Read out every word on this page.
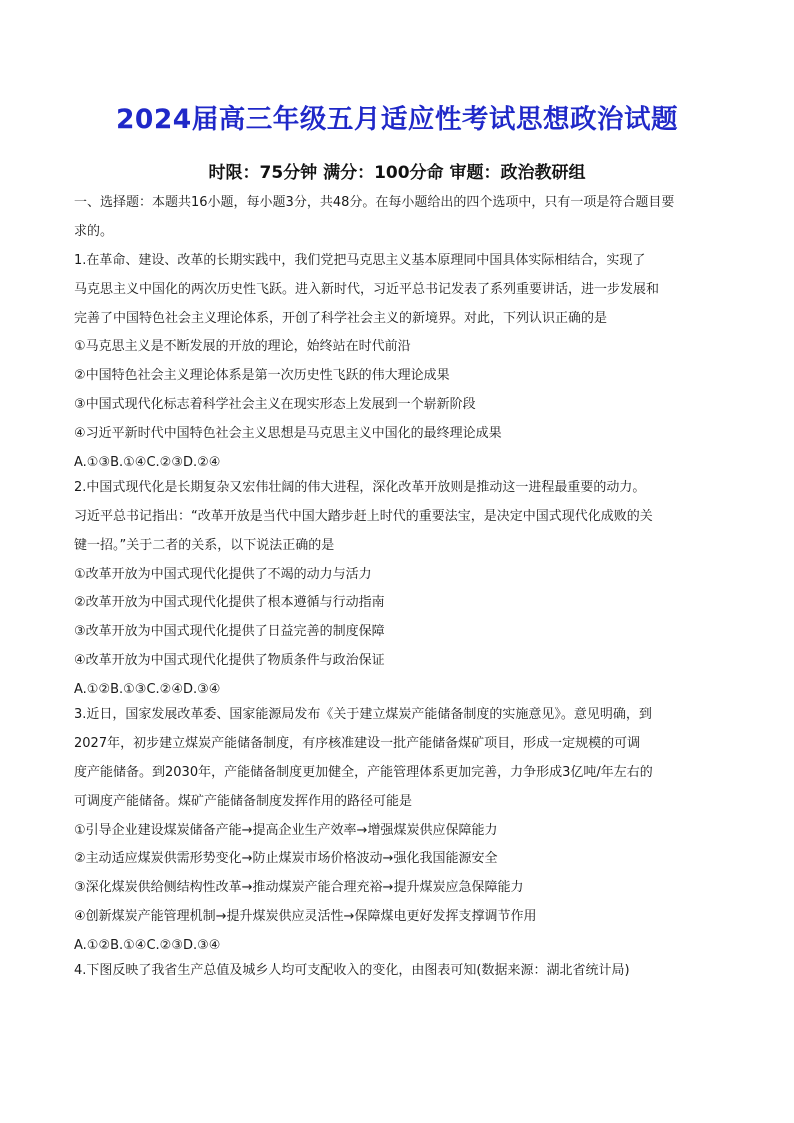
2024届高三年级五月适应性考试思想政治试题
时限：75分钟 满分：100分命 审题：政治教研组
一、选择题：本题共16小题，每小题3分，共48分。在每小题给出的四个选项中，只有一项是符合题目要
求的。
1.在革命、建设、改革的长期实践中，我们党把马克思主义基本原理同中国具体实际相结合，实现了
马克思主义中国化的两次历史性飞跃。进入新时代，习近平总书记发表了系列重要讲话，进一步发展和
完善了中国特色社会主义理论体系，开创了科学社会主义的新境界。对此，下列认识正确的是
①马克思主义是不断发展的开放的理论，始终站在时代前沿
②中国特色社会主义理论体系是第一次历史性飞跃的伟大理论成果
③中国式现代化标志着科学社会主义在现实形态上发展到一个崭新阶段
④习近平新时代中国特色社会主义思想是马克思主义中国化的最终理论成果
A.①③B.①④C.②③D.②④
2.中国式现代化是长期复杂又宏伟壮阔的伟大进程，深化改革开放则是推动这一进程最重要的动力。
习近平总书记指出：“改革开放是当代中国大踏步赶上时代的重要法宝，是决定中国式现代化成败的关
键一招。”关于二者的关系，以下说法正确的是
①改革开放为中国式现代化提供了不竭的动力与活力
②改革开放为中国式现代化提供了根本遵循与行动指南
③改革开放为中国式现代化提供了日益完善的制度保障
④改革开放为中国式现代化提供了物质条件与政治保证
A.①②B.①③C.②④D.③④
3.近日，国家发展改革委、国家能源局发布《关于建立煤炭产能储备制度的实施意见》。意见明确，到
2027年，初步建立煤炭产能储备制度，有序核准建设一批产能储备煤矿项目，形成一定规模的可调
度产能储备。到2030年，产能储备制度更加健全，产能管理体系更加完善，力争形成3亿吨/年左右的
可调度产能储备。煤矿产能储备制度发挥作用的路径可能是
①引导企业建设煤炭储备产能→提高企业生产效率→增强煤炭供应保障能力
②主动适应煤炭供需形势变化→防止煤炭市场价格波动→强化我国能源安全
③深化煤炭供给侧结构性改革→推动煤炭产能合理充裕→提升煤炭应急保障能力
④创新煤炭产能管理机制→提升煤炭供应灵活性→保障煤电更好发挥支撑调节作用
A.①②B.①④C.②③D.③④
4.下图反映了我省生产总值及城乡人均可支配收入的变化，由图表可知(数据来源：湖北省统计局)
